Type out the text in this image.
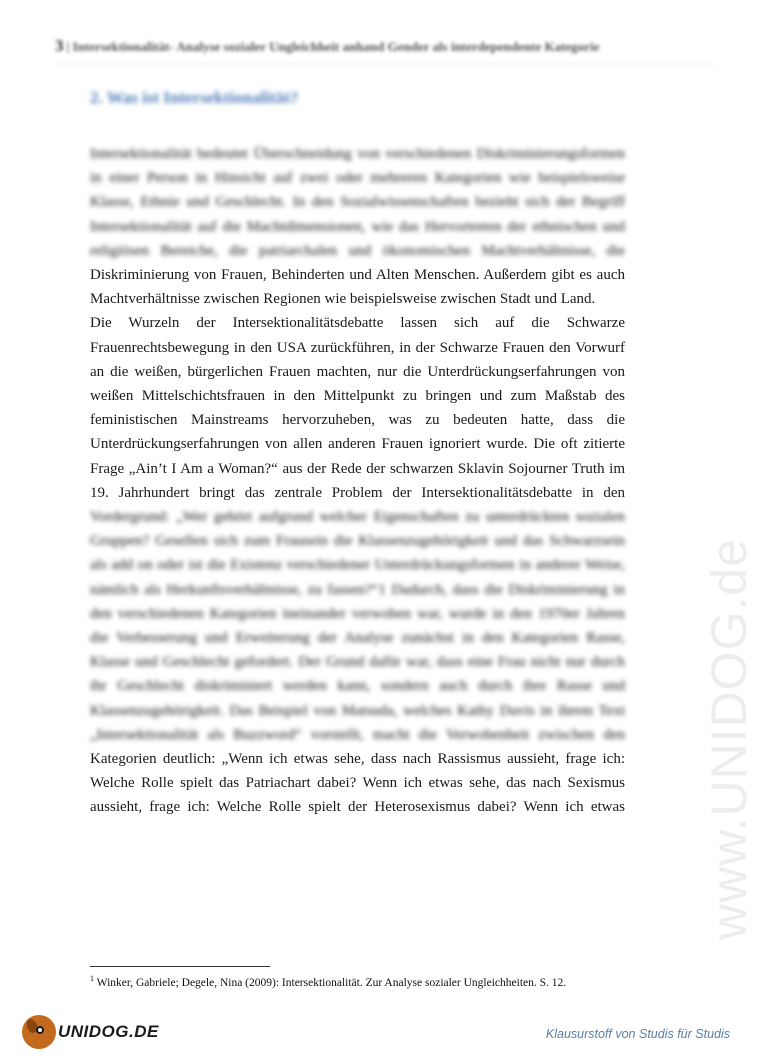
3 | Intersektionalität- Analyse sozialer Ungleichheit anhand Gender als interdependente Kategorie
2. Was ist Intersektionalität?
Intersektionalität bedeutet Überschneidung von verschiedenen Diskriminierungsformen
in einer Person in Hinsicht auf zwei oder mehreren Kategorien wie beispielsweise
Klasse, Ethnie und Geschlecht. In den Sozialwissenschaften bezieht sich der Begriff
Intersektionalität auf die Machtdimensionen, wie das Hervortreten der ethnischen und
religiösen Bereiche, die patriarchalen und ökonomischen Machtverhältnisse, die
Diskriminierung von Frauen, Behinderten und Alten Menschen. Außerdem gibt es auch
Machtverhältnisse zwischen Regionen wie beispielsweise zwischen Stadt und Land.
Die Wurzeln der Intersektionalitätsdebatte lassen sich auf die Schwarze
Frauenrechtsbewegung in den USA zurückführen, in der Schwarze Frauen den Vorwurf
an die weißen, bürgerlichen Frauen machten, nur die Unterdrückungserfahrungen von
weißen Mittelschichtsfrauen in den Mittelpunkt zu bringen und zum Maßstab des
feministischen Mainstreams hervorzuheben, was zu bedeuten hatte, dass die
Unterdrückungserfahrungen von allen anderen Frauen ignoriert wurde. Die oft zitierte
Frage „Ain’t I Am a Woman?“ aus der Rede der schwarzen Sklavin Sojourner Truth im
19. Jahrhundert bringt das zentrale Problem der Intersektionalitätsdebatte in den
Vordergrund: „Wer gehört aufgrund welcher Eigenschaften zu unterdrückten sozialen
Gruppen? Gesellen sich zum Frausein die Klassenzugehörigkeit und das Schwarzsein
als add on oder ist die Existenz verschiedener Unterdrückungsformen in anderer Weise,
nämlich als Herkunftsverhältnisse, zu fassen?“1 Dadurch, dass die Diskriminierung in
den verschiedenen Kategorien ineinander verwoben war, wurde in den 1970er Jahren
die Verbesserung und Erweiterung der Analyse zunächst in den Kategorien Rasse,
Klasse und Geschlecht gefordert. Der Grund dafür war, dass eine Frau nicht nur durch
ihr Geschlecht diskriminiert werden kann, sondern auch durch ihre Rasse und
Klassenzugehörigkeit. Das Beispiel von Matsuda, welches Kathy Davis in ihrem Text
„Intersektionalität als Buzzword“ vorstellt, macht die Verwobenheit zwischen den
Kategorien deutlich: „Wenn ich etwas sehe, dass nach Rassismus aussieht, frage ich:
Welche Rolle spielt das Patriachart dabei? Wenn ich etwas sehe, das nach Sexismus
aussieht, frage ich: Welche Rolle spielt der Heterosexismus dabei? Wenn ich etwas
$^1$ Winker, Gabriele; Degele, Nina (2009): Intersektionalität. Zur Analyse sozialer Ungleichheiten. S. 12.
www.UNIDOG.de
UNIDOG.DE	Klausurstoff von Studis für Studis
